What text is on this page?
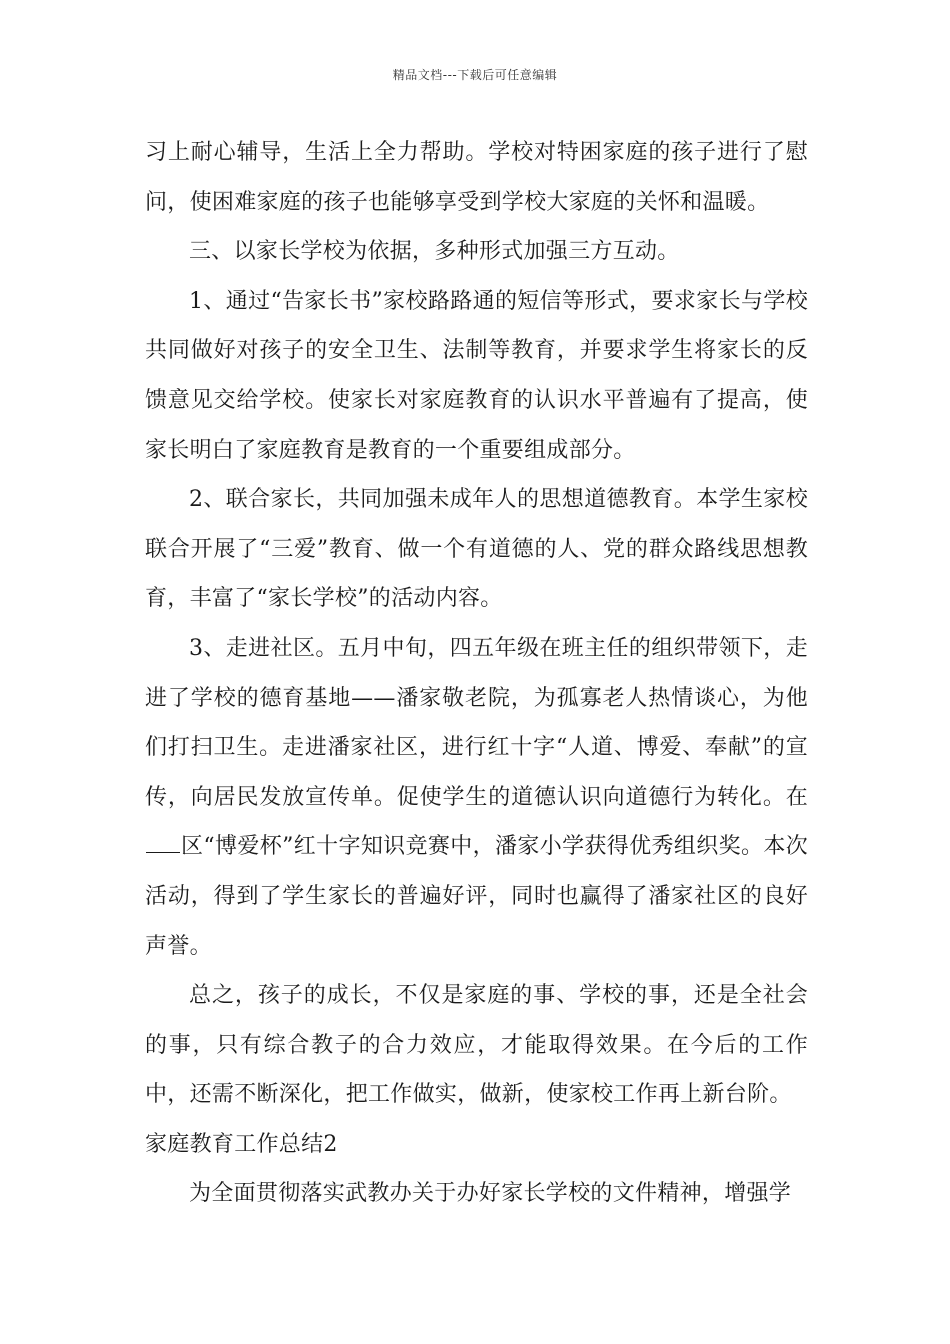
精品文档---下载后可任意编辑

习上耐心辅导，生活上全力帮助。学校对特困家庭的孩子进行了慰问，使困难家庭的孩子也能够享受到学校大家庭的关怀和温暖。

三、以家长学校为依据，多种形式加强三方互动。

1、通过“告家长书”家校路路通的短信等形式，要求家长与学校共同做好对孩子的安全卫生、法制等教育，并要求学生将家长的反馈意见交给学校。使家长对家庭教育的认识水平普遍有了提高，使家长明白了家庭教育是教育的一个重要组成部分。

2、联合家长，共同加强未成年人的思想道德教育。本学生家校联合开展了“三爱”教育、做一个有道德的人、党的群众路线思想教育，丰富了“家长学校”的活动内容。

3、走进社区。五月中旬，四五年级在班主任的组织带领下，走进了学校的德育基地——潘家敬老院，为孤寡老人热情谈心，为他们打扫卫生。走进潘家社区，进行红十字“人道、博爱、奉献”的宣传，向居民发放宣传单。促使学生的道德认识向道德行为转化。在区“博爱杯”红十字知识竞赛中，潘家小学获得优秀组织奖。本次活动，得到了学生家长的普遍好评，同时也赢得了潘家社区的良好声誉。

总之，孩子的成长，不仅是家庭的事、学校的事，还是全社会的事，只有综合教子的合力效应，才能取得效果。在今后的工作中，还需不断深化，把工作做实，做新，使家校工作再上新台阶。

家庭教育工作总结2

为全面贯彻落实武教办关于办好家长学校的文件精神，增强学
